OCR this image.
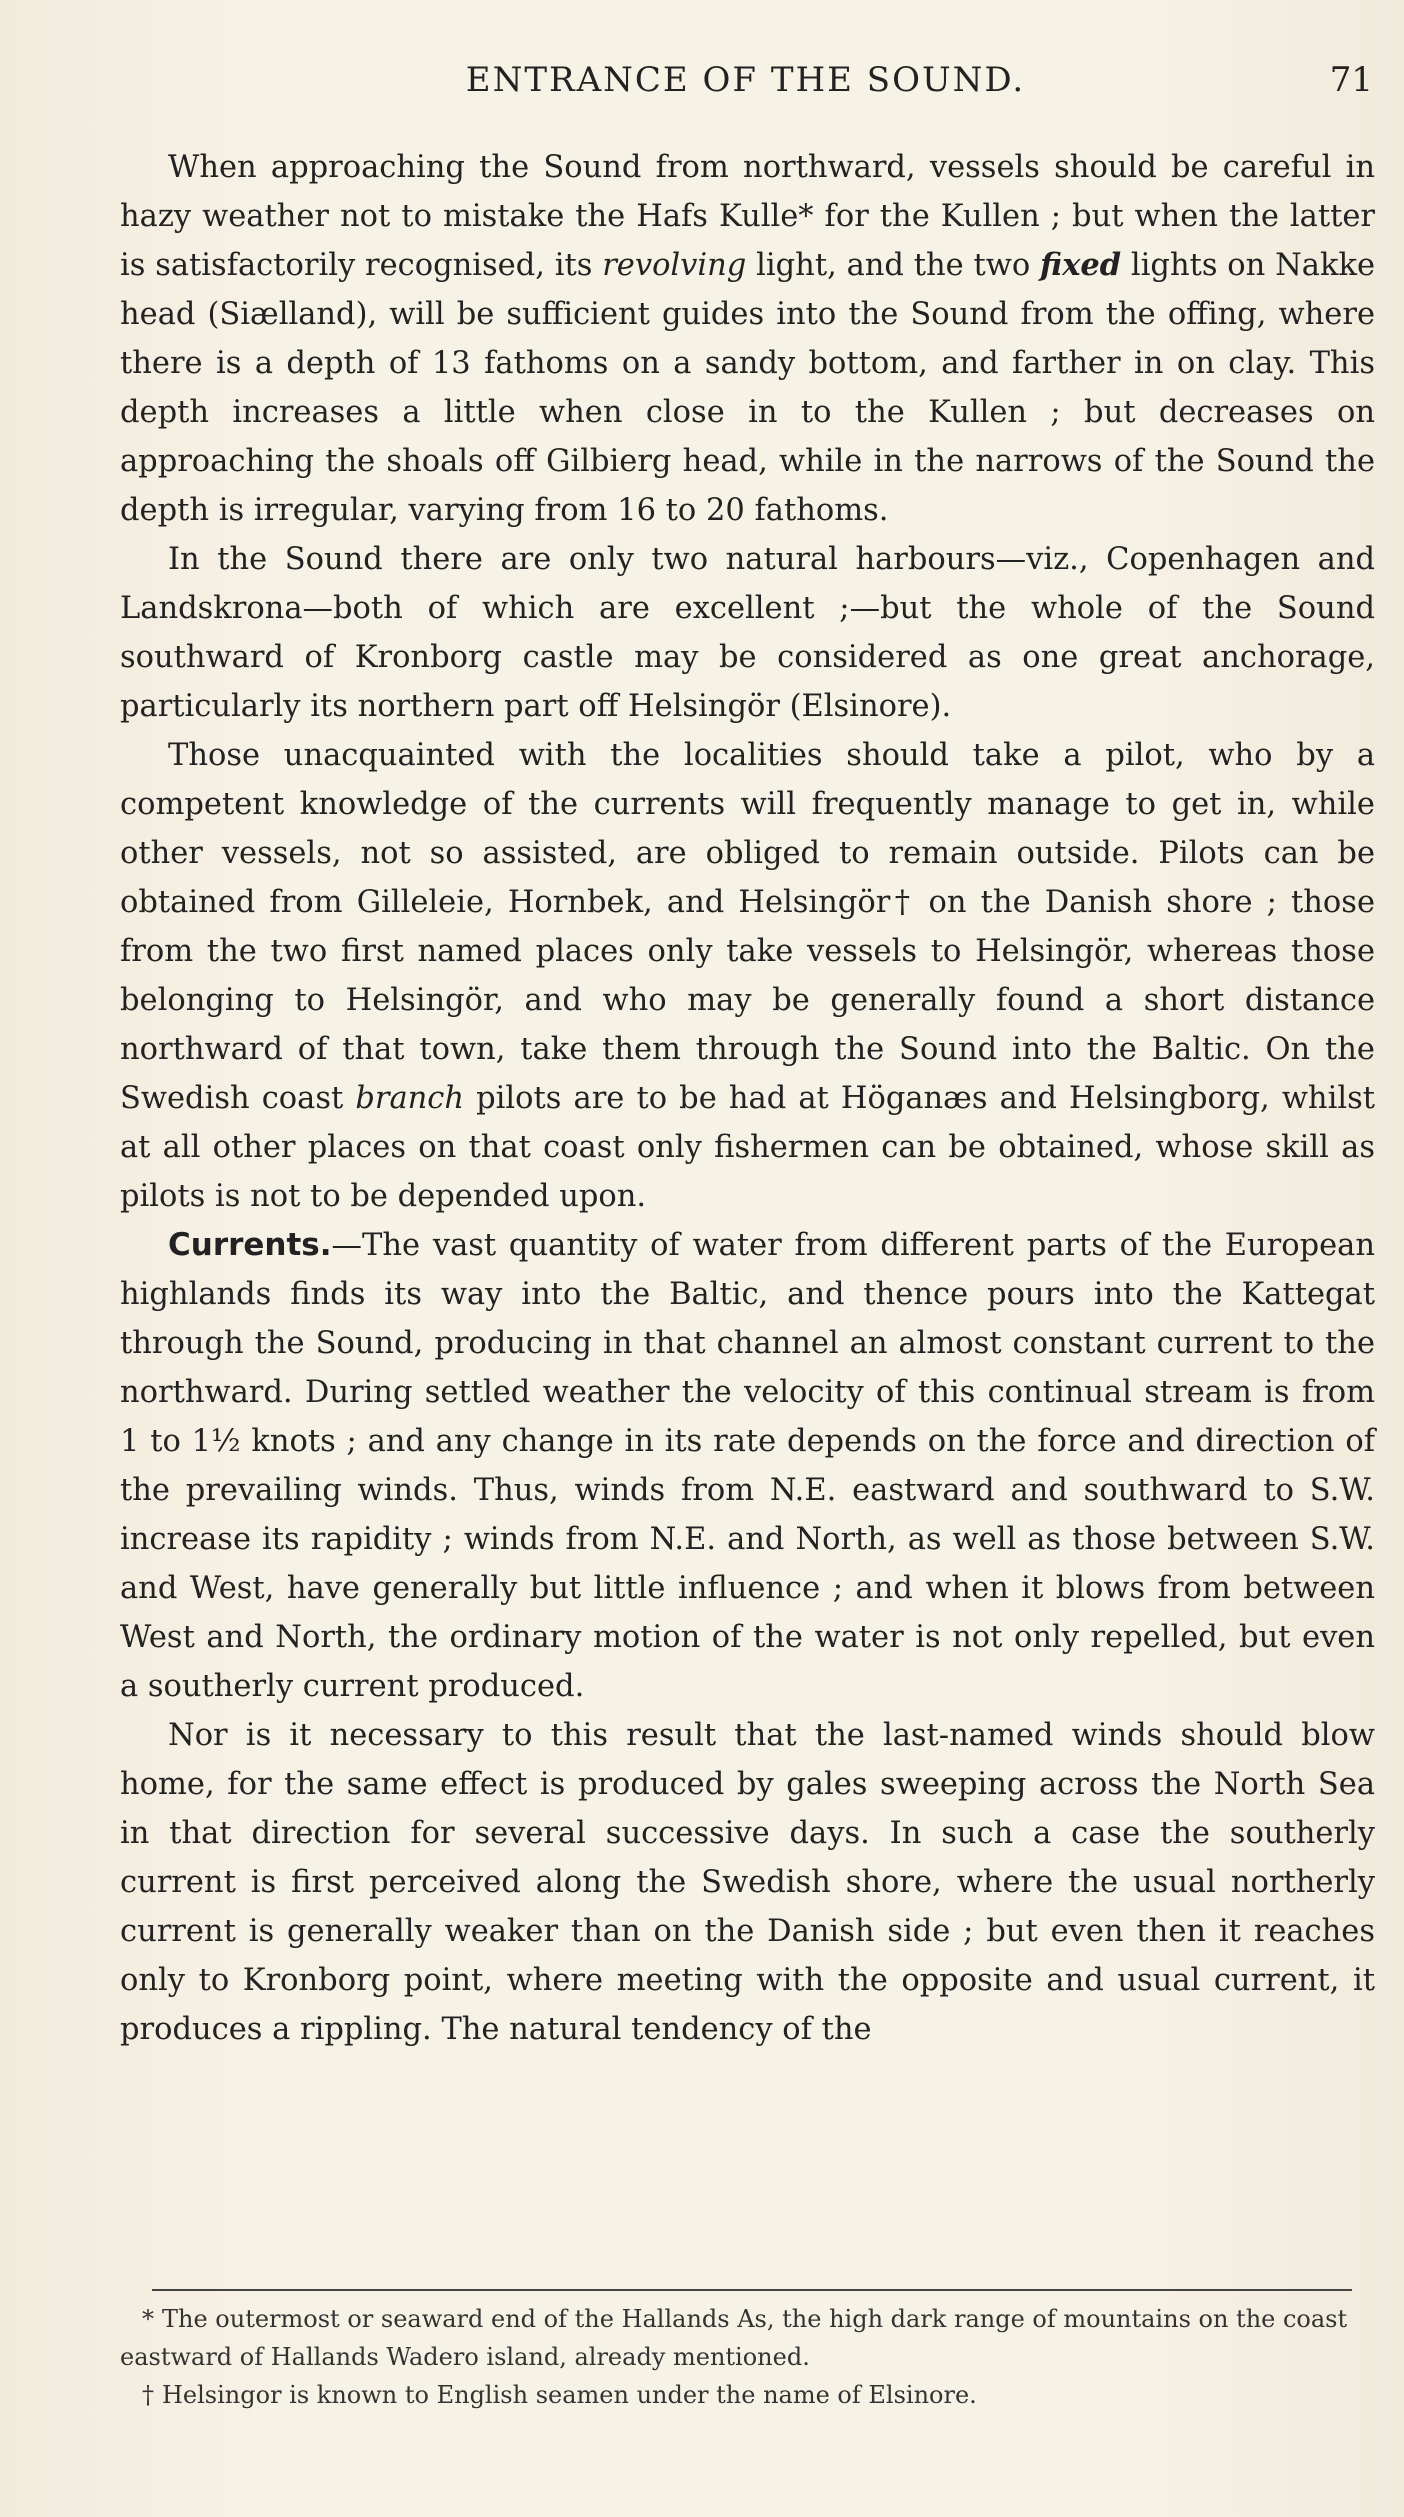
ENTRANCE OF THE SOUND.	71

When approaching the Sound from northward, vessels should be careful in hazy weather not to mistake the Hafs Kulle* for the Kullen ; but when the latter is satisfactorily recognised, its revolving light, and the two fixed lights on Nakke head (Siælland), will be sufficient guides into the Sound from the offing, where there is a depth of 13 fathoms on a sandy bottom, and farther in on clay. This depth increases a little when close in to the Kullen ; but decreases on approaching the shoals off Gilbierg head, while in the narrows of the Sound the depth is irregular, varying from 16 to 20 fathoms.

In the Sound there are only two natural harbours—viz., Copenhagen and Landskrona—both of which are excellent ;—but the whole of the Sound southward of Kronborg castle may be considered as one great anchorage, particularly its northern part off Helsingör (Elsinore).

Those unacquainted with the localities should take a pilot, who by a competent knowledge of the currents will frequently manage to get in, while other vessels, not so assisted, are obliged to remain outside. Pilots can be obtained from Gilleleie, Hornbek, and Helsingör† on the Danish shore ; those from the two first named places only take vessels to Helsingör, whereas those belonging to Helsingör, and who may be generally found a short distance northward of that town, take them through the Sound into the Baltic. On the Swedish coast branch pilots are to be had at Höganæs and Helsingborg, whilst at all other places on that coast only fishermen can be obtained, whose skill as pilots is not to be depended upon.

Currents.—The vast quantity of water from different parts of the European highlands finds its way into the Baltic, and thence pours into the Kattegat through the Sound, producing in that channel an almost constant current to the northward. During settled weather the velocity of this continual stream is from 1 to 1½ knots ; and any change in its rate depends on the force and direction of the prevailing winds. Thus, winds from N.E. eastward and southward to S.W. increase its rapidity ; winds from N.E. and North, as well as those between S.W. and West, have generally but little influence ; and when it blows from between West and North, the ordinary motion of the water is not only repelled, but even a southerly current produced.

Nor is it necessary to this result that the last-named winds should blow home, for the same effect is produced by gales sweeping across the North Sea in that direction for several successive days. In such a case the southerly current is first perceived along the Swedish shore, where the usual northerly current is generally weaker than on the Danish side ; but even then it reaches only to Kronborg point, where meeting with the opposite and usual current, it produces a rippling. The natural tendency of the

* The outermost or seaward end of the Hallands As, the high dark range of mountains on the coast eastward of Hallands Wadero island, already mentioned.

† Helsingor is known to English seamen under the name of Elsinore.
